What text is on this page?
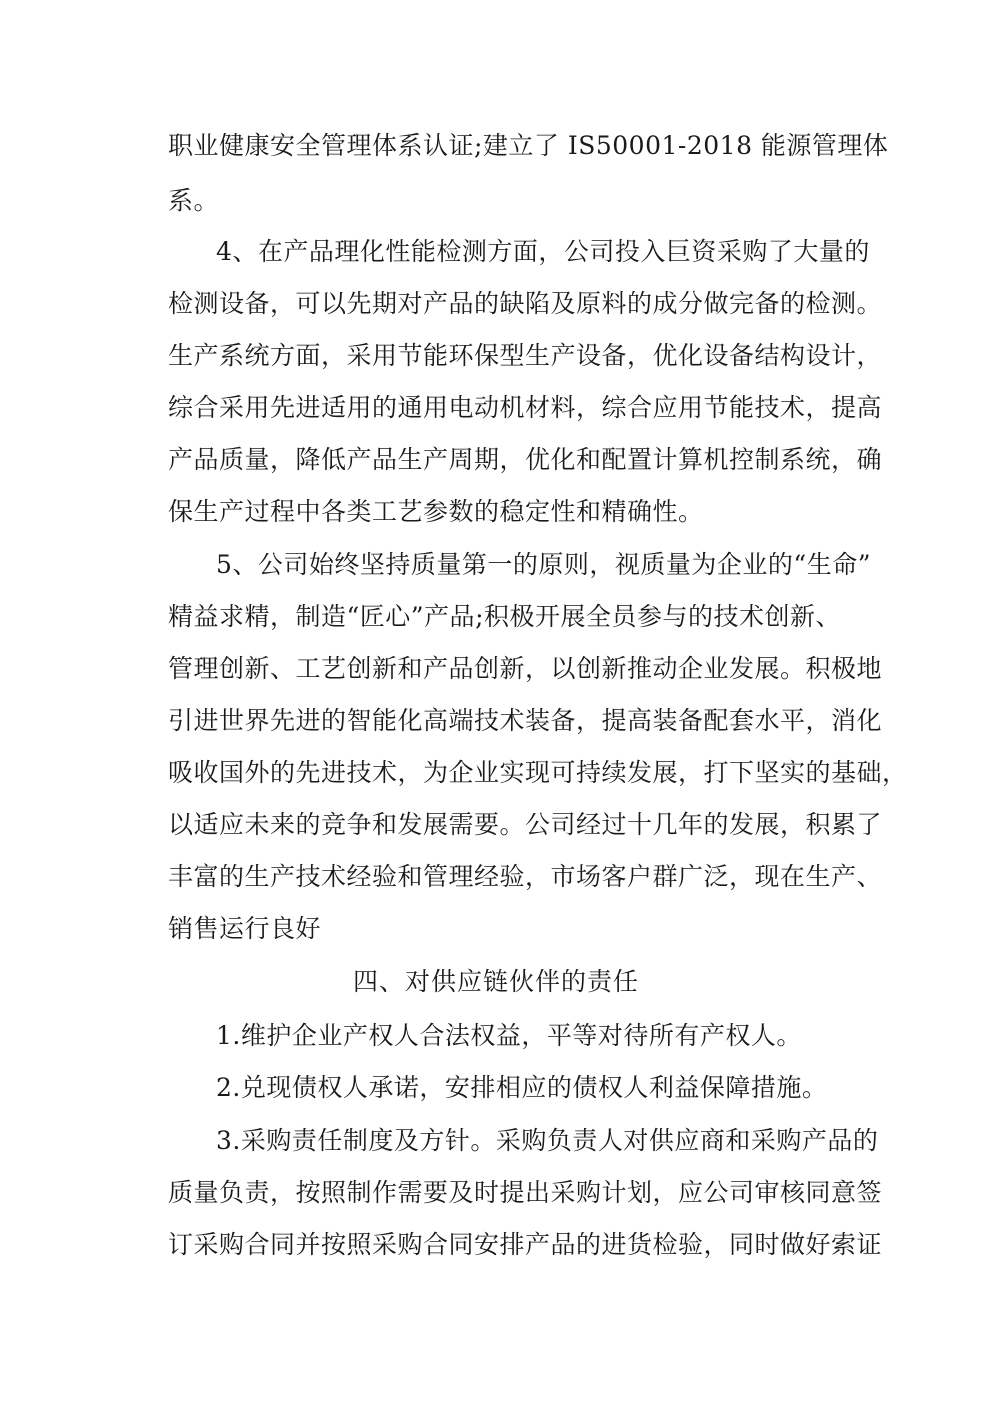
职业健康安全管理体系认证;建立了 IS50001-2018 能源管理体
系。
4、在产品理化性能检测方面，公司投入巨资采购了大量的
检测设备，可以先期对产品的缺陷及原料的成分做完备的检测。
生产系统方面，采用节能环保型生产设备，优化设备结构设计，
综合采用先进适用的通用电动机材料，综合应用节能技术，提高
产品质量，降低产品生产周期，优化和配置计算机控制系统，确
保生产过程中各类工艺参数的稳定性和精确性。
5、公司始终坚持质量第一的原则，视质量为企业的“生命”
精益求精，制造“匠心”产品;积极开展全员参与的技术创新、
管理创新、工艺创新和产品创新，以创新推动企业发展。积极地
引进世界先进的智能化高端技术装备，提高装备配套水平，消化
吸收国外的先进技术，为企业实现可持续发展，打下坚实的基础，
以适应未来的竞争和发展需要。公司经过十几年的发展，积累了
丰富的生产技术经验和管理经验，市场客户群广泛，现在生产、
销售运行良好
四、对供应链伙伴的责任
1.维护企业产权人合法权益，平等对待所有产权人。
2.兑现债权人承诺，安排相应的债权人利益保障措施。
3.采购责任制度及方针。采购负责人对供应商和采购产品的
质量负责，按照制作需要及时提出采购计划，应公司审核同意签
订采购合同并按照采购合同安排产品的进货检验，同时做好索证
